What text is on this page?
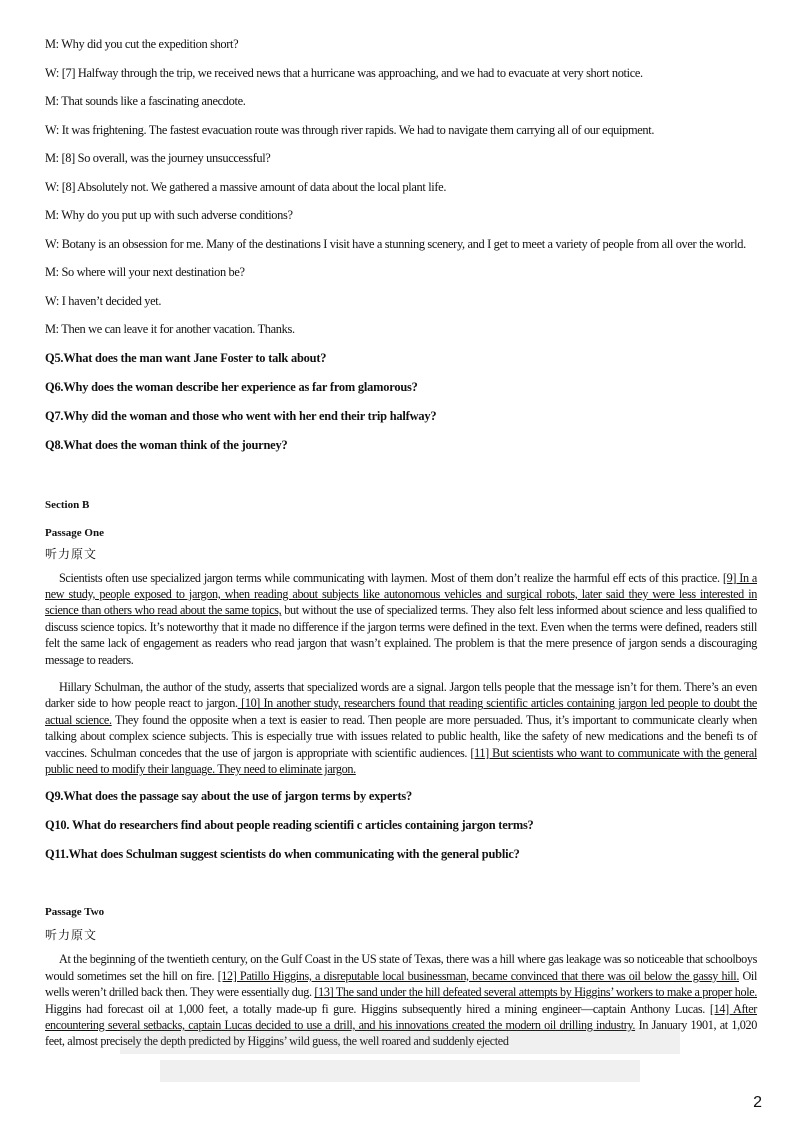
M: Why did you cut the expedition short?

W: [7] Halfway through the trip, we received news that a hurricane was approaching, and we had to evacuate at very short notice.

M: That sounds like a fascinating anecdote.

W: It was frightening. The fastest evacuation route was through river rapids. We had to navigate them carrying all of our equipment.

M: [8] So overall, was the journey unsuccessful?

W: [8] Absolutely not. We gathered a massive amount of data about the local plant life.

M: Why do you put up with such adverse conditions?

W: Botany is an obsession for me. Many of the destinations I visit have a stunning scenery, and I get to meet a variety of people from all over the world.

M: So where will your next destination be?

W: I haven’t decided yet.

M: Then we can leave it for another vacation. Thanks.

Q5.What does the man want Jane Foster to talk about?

Q6.Why does the woman describe her experience as far from glamorous?

Q7.Why did the woman and those who went with her end their trip halfway?

Q8.What does the woman think of the journey?

Section B

Passage One

听力原文

Scientists often use specialized jargon terms while communicating with laymen. Most of them don’t realize the harmful eff ects of this practice. [9] In a new study, people exposed to jargon, when reading about subjects like autonomous vehicles and surgical robots, later said they were less interested in science than others who read about the same topics, but without the use of specialized terms. They also felt less informed about science and less qualified to discuss science topics. It’s noteworthy that it made no difference if the jargon terms were defined in the text. Even when the terms were defined, readers still felt the same lack of engagement as readers who read jargon that wasn’t explained. The problem is that the mere presence of jargon sends a discouraging message to readers.

Hillary Schulman, the author of the study, asserts that specialized words are a signal. Jargon tells people that the message isn’t for them. There’s an even darker side to how people react to jargon. [10] In another study, researchers found that reading scientific articles containing jargon led people to doubt the actual science. They found the opposite when a text is easier to read. Then people are more persuaded. Thus, it’s important to communicate clearly when talking about complex science subjects. This is especially true with issues related to public health, like the safety of new medications and the benefi ts of vaccines. Schulman concedes that the use of jargon is appropriate with scientific audiences. [11] But scientists who want to communicate with the general public need to modify their language. They need to eliminate jargon.

Q9.What does the passage say about the use of jargon terms by experts?

Q10. What do researchers find about people reading scientifi c articles containing jargon terms?

Q11.What does Schulman suggest scientists do when communicating with the general public?

Passage Two

听力原文

At the beginning of the twentieth century, on the Gulf Coast in the US state of Texas, there was a hill where gas leakage was so noticeable that schoolboys would sometimes set the hill on fire. [12] Patillo Higgins, a disreputable local businessman, became convinced that there was oil below the gassy hill. Oil wells weren’t drilled back then. They were essentially dug. [13] The sand under the hill defeated several attempts by Higgins’ workers to make a proper hole. Higgins had forecast oil at 1,000 feet, a totally made-up fi gure. Higgins subsequently hired a mining engineer—captain Anthony Lucas. [14] After encountering several setbacks, captain Lucas decided to use a drill, and his innovations created the modern oil drilling industry. In January 1901, at 1,020 feet, almost precisely the depth predicted by Higgins’ wild guess, the well roared and suddenly ejected

2
